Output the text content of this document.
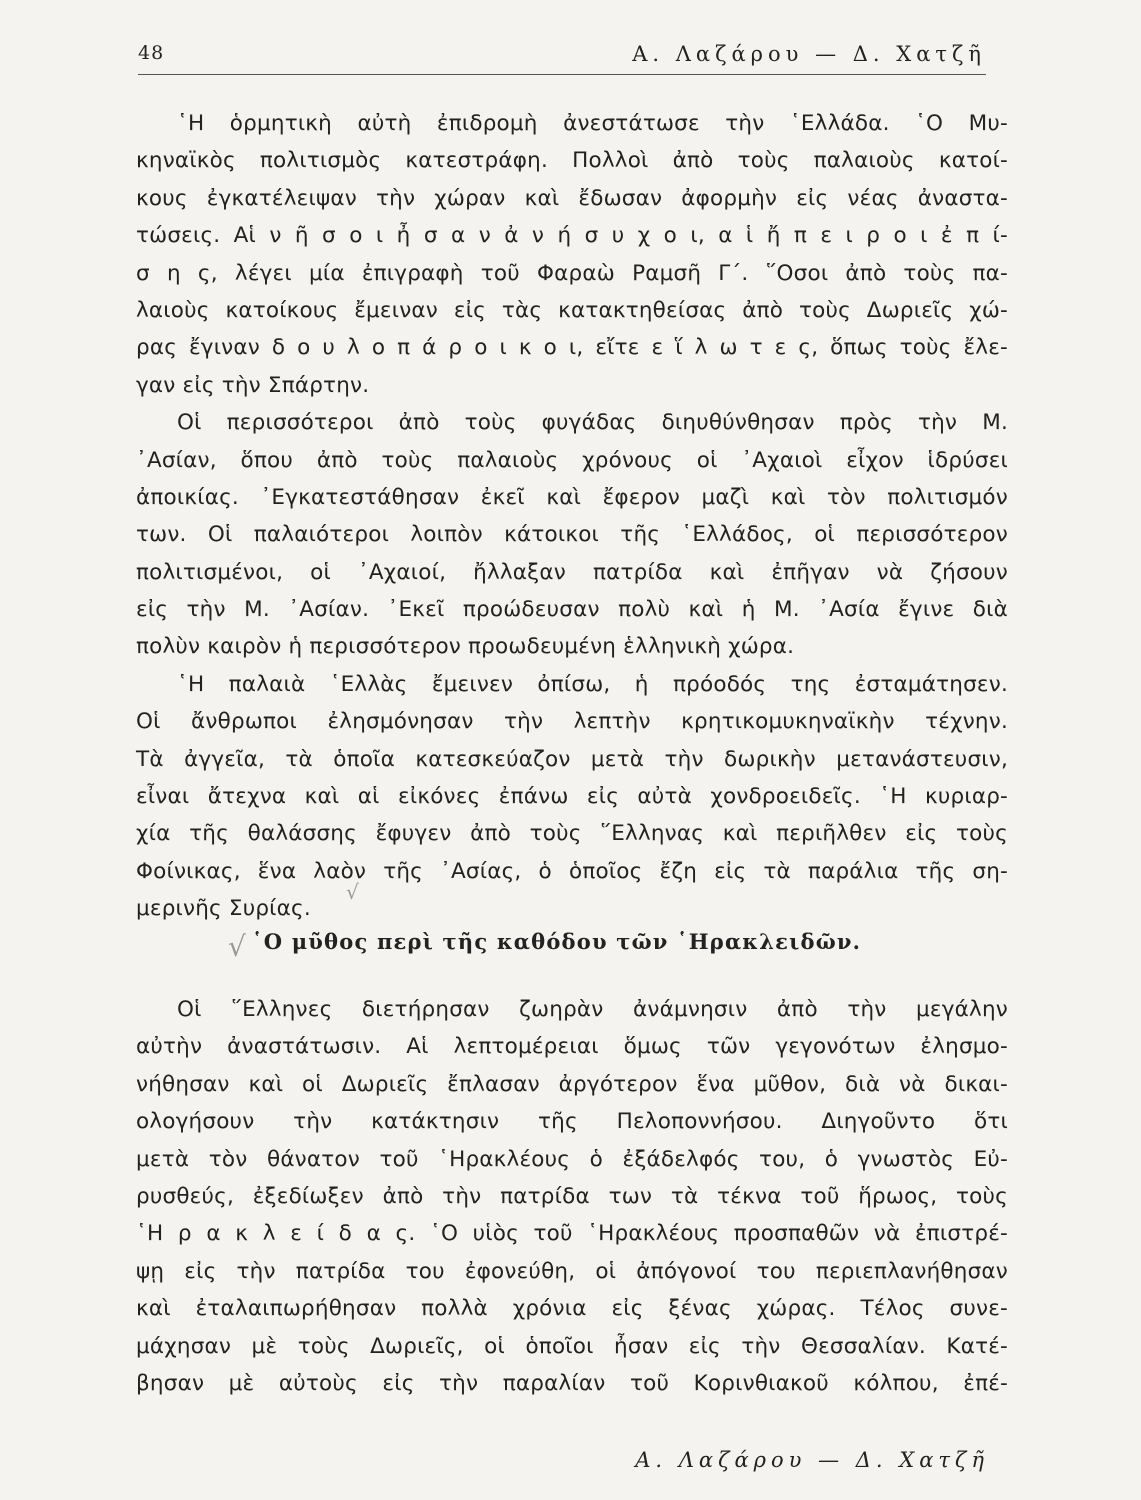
48	Α. Λαζάρου — Δ. Χατζῆ
῾Η ὁρμητικὴ αὐτὴ ἐπιδρομὴ ἀνεστάτωσε τὴν ῾Ελλάδα. ῾Ο Μυ-
κηναϊκὸς πολιτισμὸς κατεστράφη. Πολλοὶ ἀπὸ τοὺς παλαιοὺς κατοί-
κους ἐγκατέλειψαν τὴν χώραν καὶ ἔδωσαν ἀφορμὴν εἰς νέας ἀναστα-
τώσεις. Αἱ ν ῆ σ ο ι ἦ σ α ν ἀ ν ή σ υ χ ο ι, α ἱ ἤ π ε ι ρ ο ι ἐ π ί-
σ η ς, λέγει μία ἐπιγραφὴ τοῦ Φαραὼ Ραμσῆ Γ΄. ῞Οσοι ἀπὸ τοὺς πα-
λαιοὺς κατοίκους ἔμειναν εἰς τὰς κατακτηθείσας ἀπὸ τοὺς Δωριεῖς χώ-
ρας ἔγιναν δ ο υ λ ο π ά ρ ο ι κ ο ι, εἴτε ε ἵ λ ω τ ε ς, ὅπως τοὺς ἔλε-
γαν εἰς τὴν Σπάρτην.
Οἱ περισσότεροι ἀπὸ τοὺς φυγάδας διηυθύνθησαν πρὸς τὴν Μ.
᾿Ασίαν, ὅπου ἀπὸ τοὺς παλαιοὺς χρόνους οἱ ᾿Αχαιοὶ εἶχον ἱδρύσει
ἀποικίας. ᾿Εγκατεστάθησαν ἐκεῖ καὶ ἔφερον μαζὶ καὶ τὸν πολιτισμόν
των. Οἱ παλαιότεροι λοιπὸν κάτοικοι τῆς ῾Ελλάδος, οἱ περισσότερον
πολιτισμένοι, οἱ ᾿Αχαιοί, ἤλλαξαν πατρίδα καὶ ἐπῆγαν νὰ ζήσουν
εἰς τὴν Μ. ᾿Ασίαν. ᾿Εκεῖ προώδευσαν πολὺ καὶ ἡ Μ. ᾿Ασία ἔγινε διὰ
πολὺν καιρὸν ἡ περισσότερον προωδευμένη ἑλληνικὴ χώρα.
῾Η παλαιὰ ῾Ελλὰς ἔμεινεν ὀπίσω, ἡ πρόοδός της ἐσταμάτησεν.
Οἱ ἄνθρωποι ἐλησμόνησαν τὴν λεπτὴν κρητικομυκηναϊκὴν τέχνην.
Τὰ ἀγγεῖα, τὰ ὁποῖα κατεσκεύαζον μετὰ τὴν δωρικὴν μετανάστευσιν,
εἶναι ἄτεχνα καὶ αἱ εἰκόνες ἐπάνω εἰς αὐτὰ χονδροειδεῖς. ῾Η κυριαρ-
χία τῆς θαλάσσης ἔφυγεν ἀπὸ τοὺς ῞Ελληνας καὶ περιῆλθεν εἰς τοὺς
Φοίνικας, ἕνα λαὸν τῆς ᾿Ασίας, ὁ ὁποῖος ἔζη εἰς τὰ παράλια τῆς ση-
μερινῆς Συρίας.
√
√ ῾Ο μῦθος περὶ τῆς καθόδου τῶν ῾Ηρακλειδῶν.
Οἱ ῞Ελληνες διετήρησαν ζωηρὰν ἀνάμνησιν ἀπὸ τὴν μεγάλην
αὐτὴν ἀναστάτωσιν. Αἱ λεπτομέρειαι ὅμως τῶν γεγονότων ἐλησμο-
νήθησαν καὶ οἱ Δωριεῖς ἔπλασαν ἀργότερον ἕνα μῦθον, διὰ νὰ δικαι-
ολογήσουν τὴν κατάκτησιν τῆς Πελοποννήσου. Διηγοῦντο ὅτι
μετὰ τὸν θάνατον τοῦ ῾Ηρακλέους ὁ ἐξάδελφός του, ὁ γνωστὸς Εὐ-
ρυσθεύς, ἐξεδίωξεν ἀπὸ τὴν πατρίδα των τὰ τέκνα τοῦ ἥρωος, τοὺς
῾Η ρ α κ λ ε ί δ α ς. ῾Ο υἱὸς τοῦ ῾Ηρακλέους προσπαθῶν νὰ ἐπιστρέ-
ψῃ εἰς τὴν πατρίδα του ἐφονεύθη, οἱ ἀπόγονοί του περιεπλανήθησαν
καὶ ἐταλαιπωρήθησαν πολλὰ χρόνια εἰς ξένας χώρας. Τέλος συνε-
μάχησαν μὲ τοὺς Δωριεῖς, οἱ ὁποῖοι ἦσαν εἰς τὴν Θεσσαλίαν. Κατέ-
βησαν μὲ αὐτοὺς εἰς τὴν παραλίαν τοῦ Κορινθιακοῦ κόλπου, ἐπέ-
Α. Λαζάρου — Δ. Χατζῆ
